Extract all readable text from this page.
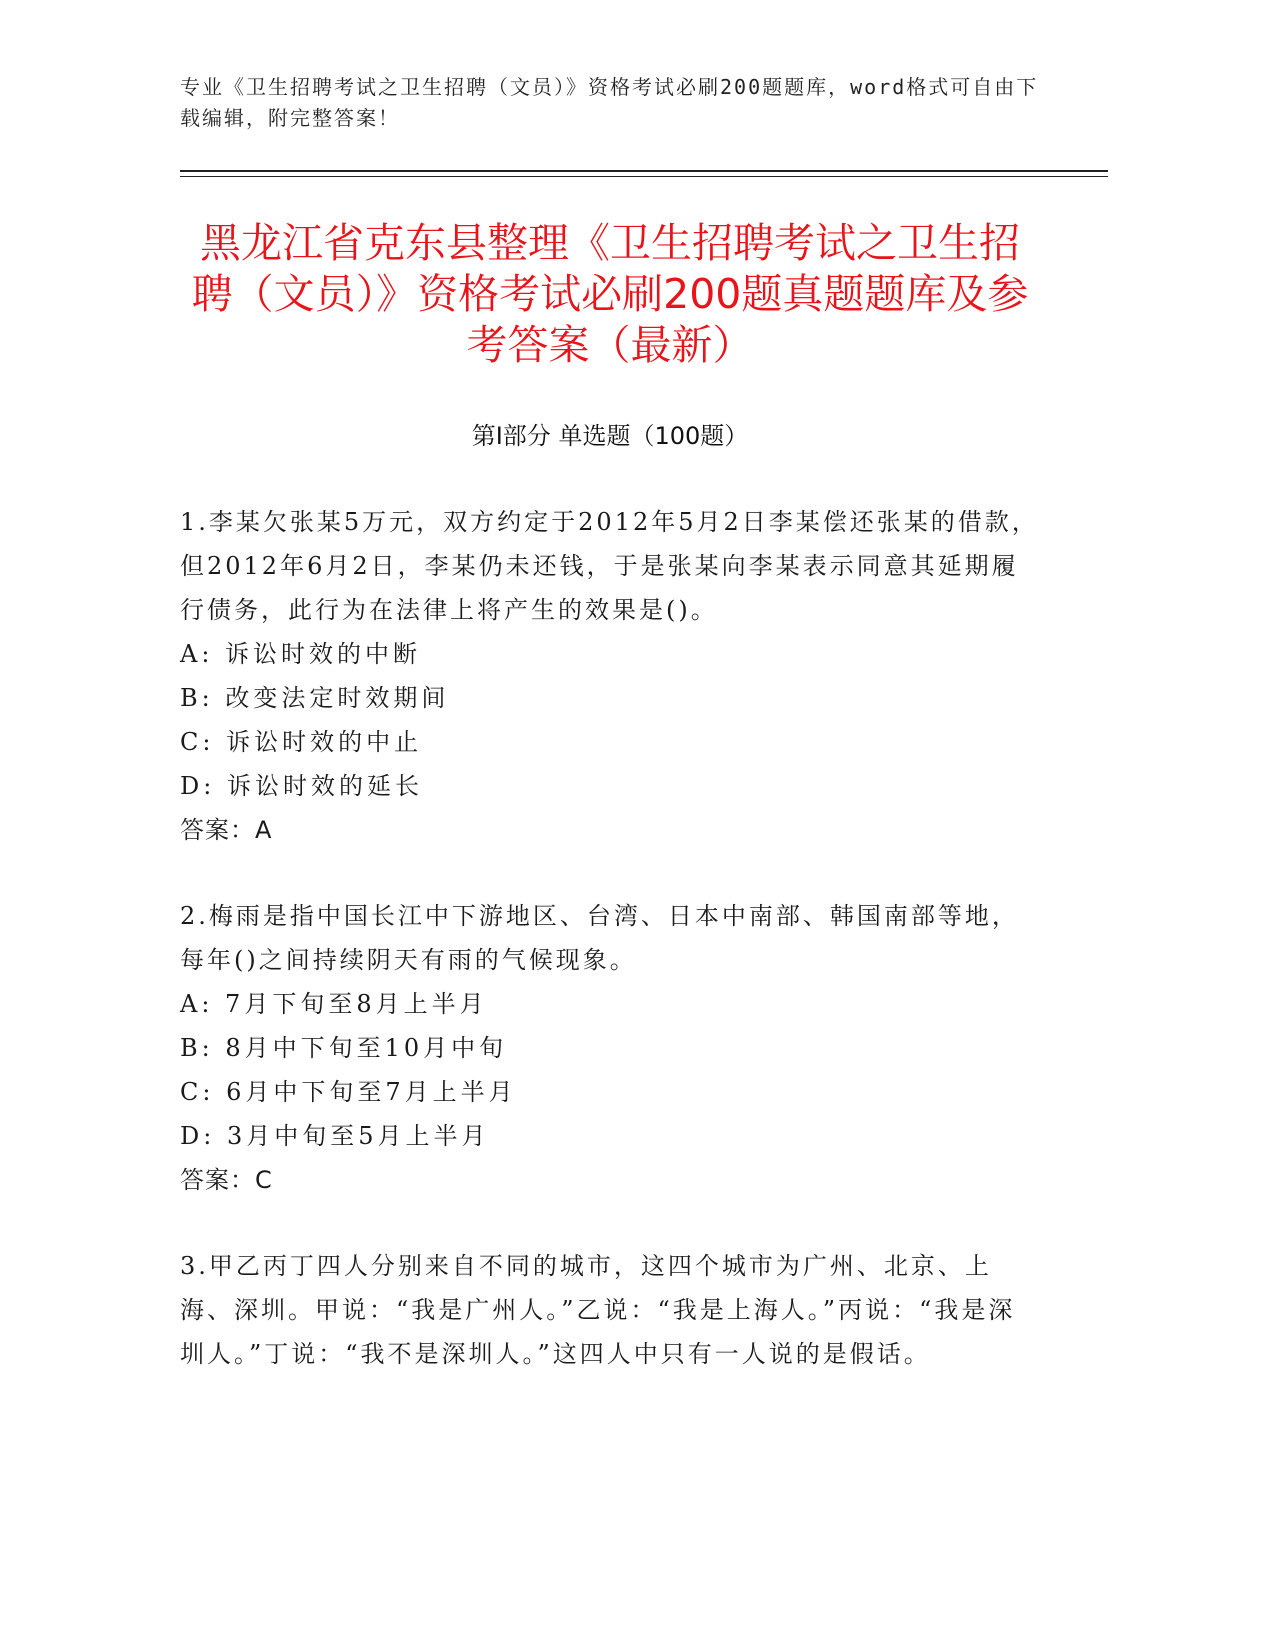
专业《卫生招聘考试之卫生招聘（文员）》资格考试必刷200题题库，word格式可自由下载编辑，附完整答案！
黑龙江省克东县整理《卫生招聘考试之卫生招聘（文员）》资格考试必刷200题真题题库及参考答案（最新）
第Ⅰ部分 单选题（100题）

1.李某欠张某5万元，双方约定于2012年5月2日李某偿还张某的借款，但2012年6月2日，李某仍未还钱，于是张某向李某表示同意其延期履行债务，此行为在法律上将产生的效果是()。

A: 诉讼时效的中断

B: 改变法定时效期间

C: 诉讼时效的中止

D: 诉讼时效的延长

答案：A

2.梅雨是指中国长江中下游地区、台湾、日本中南部、韩国南部等地，每年()之间持续阴天有雨的气候现象。

A: 7月下旬至8月上半月

B: 8月中下旬至10月中旬

C: 6月中下旬至7月上半月

D: 3月中旬至5月上半月

答案：C

3.甲乙丙丁四人分别来自不同的城市，这四个城市为广州、北京、上海、深圳。甲说：“我是广州人。”乙说：“我是上海人。”丙说：“我是深圳人。”丁说：“我不是深圳人。”这四人中只有一人说的是假话。
